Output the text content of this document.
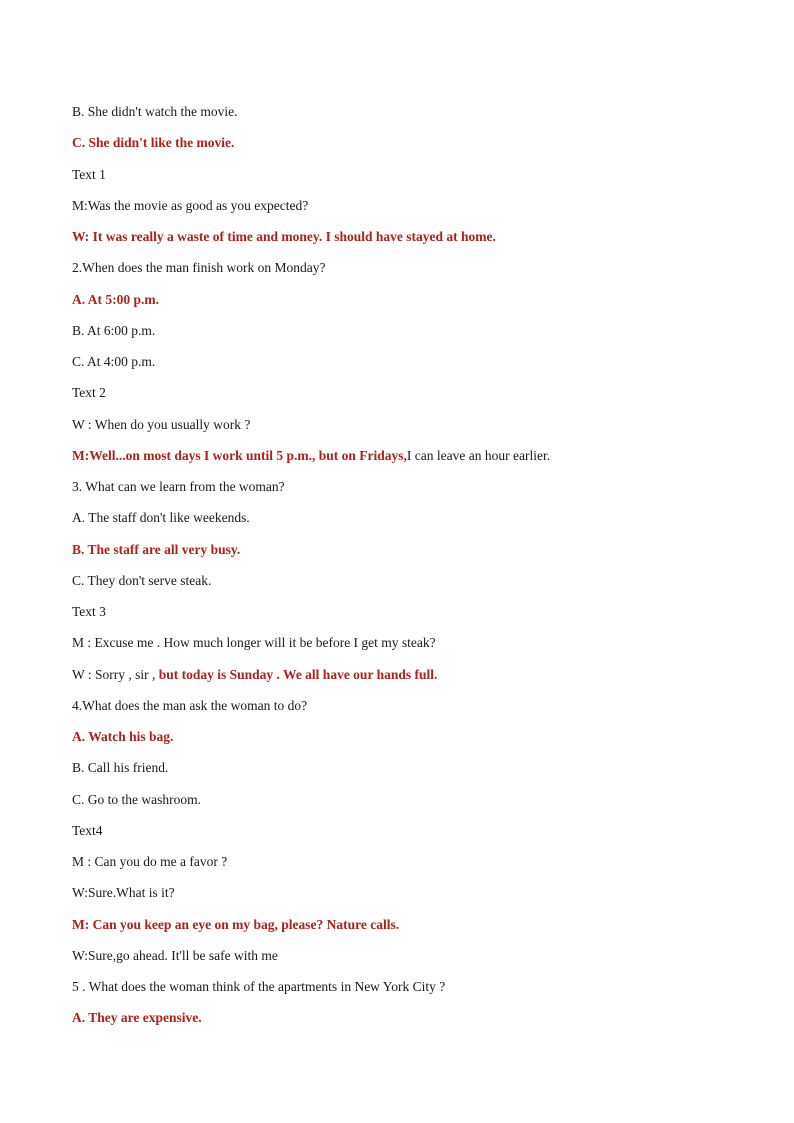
B. She didn't watch the movie.
C. She didn't like the movie.
Text 1
M:Was the movie as good as you expected?
W: It was really a waste of time and money. I should have stayed at home.
2.When does the man finish work on Monday?
A. At 5:00 p.m.
B. At 6:00 p.m.
C. At 4:00 p.m.
Text 2
W : When do you usually work ?
M:Well...on most days I work until 5 p.m., but on Fridays,I can leave an hour earlier.
3. What can we learn from the woman?
A. The staff don't like weekends.
B. The staff are all very busy.
C. They don't serve steak.
Text 3
M : Excuse me . How much longer will it be before I get my steak?
W : Sorry , sir , but today is Sunday . We all have our hands full.
4.What does the man ask the woman to do?
A. Watch his bag.
B. Call his friend.
C. Go to the washroom.
Text4
M : Can you do me a favor ?
W:Sure.What is it?
M: Can you keep an eye on my bag, please? Nature calls.
W:Sure,go ahead. It'll be safe with me
5 . What does the woman think of the apartments in New York City ?
A. They are expensive.
